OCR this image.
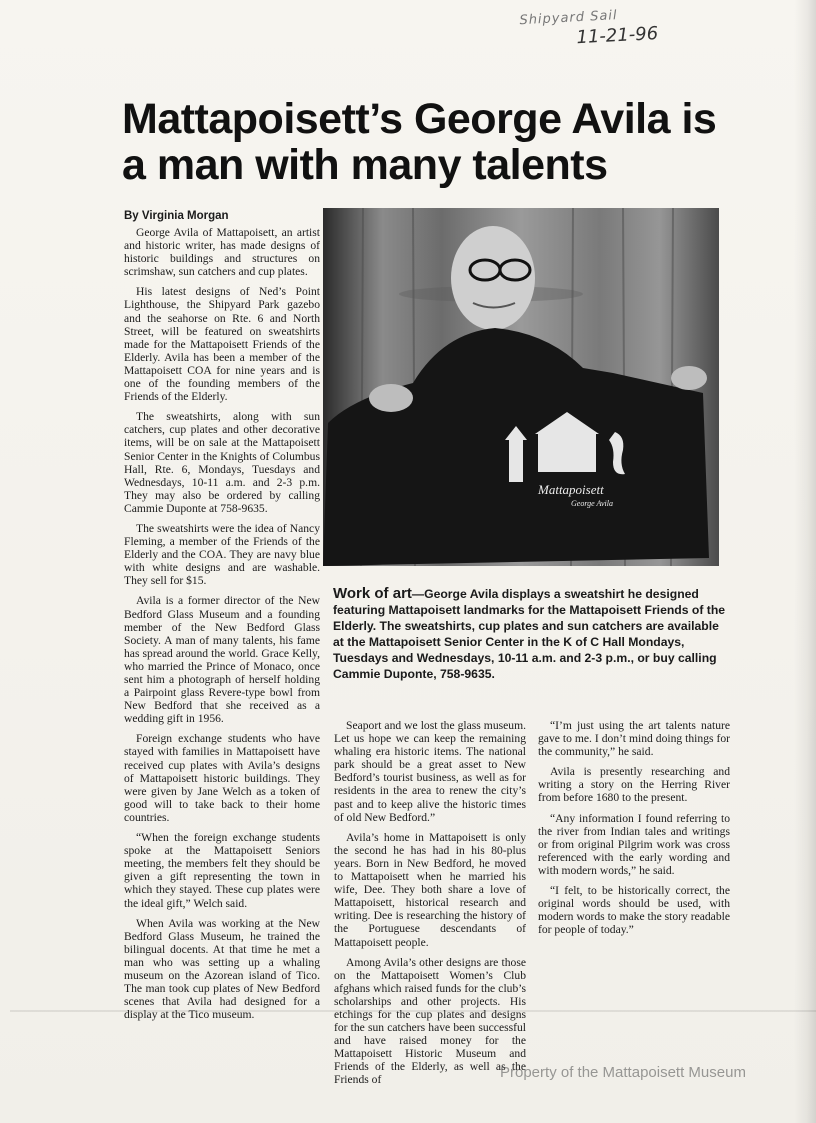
Shipyard Sail
11-21-96
Mattapoisett’s George Avila is a man with many talents
By Virginia Morgan

George Avila of Mattapoisett, an artist and historic writer, has made designs of historic buildings and structures on scrimshaw, sun catchers and cup plates.

His latest designs of Ned’s Point Lighthouse, the Shipyard Park gazebo and the seahorse on Rte. 6 and North Street, will be featured on sweatshirts made for the Mattapoisett Friends of the Elderly. Avila has been a member of the Mattapoisett COA for nine years and is one of the founding members of the Friends of the Elderly.

The sweatshirts, along with sun catchers, cup plates and other decorative items, will be on sale at the Mattapoisett Senior Center in the Knights of Columbus Hall, Rte. 6, Mondays, Tuesdays and Wednesdays, 10-11 a.m. and 2-3 p.m. They may also be ordered by calling Cammie Duponte at 758-9635.

The sweatshirts were the idea of Nancy Fleming, a member of the Friends of the Elderly and the COA. They are navy blue with white designs and are washable. They sell for $15.

Avila is a former director of the New Bedford Glass Museum and a founding member of the New Bedford Glass Society. A man of many talents, his fame has spread around the world. Grace Kelly, who married the Prince of Monaco, once sent him a photograph of herself holding a Pairpoint glass Revere-type bowl from New Bedford that she received as a wedding gift in 1956.

Foreign exchange students who have stayed with families in Mattapoisett have received cup plates with Avila’s designs of Mattapoisett historic buildings. They were given by Jane Welch as a token of good will to take back to their home countries.

“When the foreign exchange students spoke at the Mattapoisett Seniors meeting, the members felt they should be given a gift representing the town in which they stayed. These cup plates were the ideal gift,” Welch said.

When Avila was working at the New Bedford Glass Museum, he trained the bilingual docents. At that time he met a man who was setting up a whaling museum on the Azorean island of Tico. The man took cup plates of New Bedford scenes that Avila had designed for a display at the Tico museum.

Mattapoisett
George Avila
Work of art—George Avila displays a sweatshirt he designed featuring Mattapoisett landmarks for the Mattapoisett Friends of the Elderly. The sweatshirts, cup plates and sun catchers are available at the Mattapoisett Senior Center in the K of C Hall Mondays, Tuesdays and Wednesdays, 10-11 a.m. and 2-3 p.m., or buy calling Cammie Duponte, 758-9635.

Seaport and we lost the glass museum. Let us hope we can keep the remaining whaling era historic items. The national park should be a great asset to New Bedford’s tourist business, as well as for residents in the area to renew the city’s past and to keep alive the historic times of old New Bedford.”

Avila’s home in Mattapoisett is only the second he has had in his 80-plus years. Born in New Bedford, he moved to Mattapoisett when he married his wife, Dee. They both share a love of Mattapoisett, historical research and writing. Dee is researching the history of the Portuguese descendants of Mattapoisett people.

Among Avila’s other designs are those on the Mattapoisett Women’s Club afghans which raised funds for the club’s scholarships and other projects. His etchings for the cup plates and designs for the sun catchers have been successful and have raised money for the Mattapoisett Historic Museum and Friends of the Elderly, as well as the Friends of

“I’m just using the art talents nature gave to me. I don’t mind doing things for the community,” he said.

Avila is presently researching and writing a story on the Herring River from before 1680 to the present.

“Any information I found referring to the river from Indian tales and writings or from original Pilgrim work was cross referenced with the early wording and with modern words,” he said.

“I felt, to be historically correct, the original words should be used, with modern words to make the story readable for people of today.”

Property of the Mattapoisett Museum
